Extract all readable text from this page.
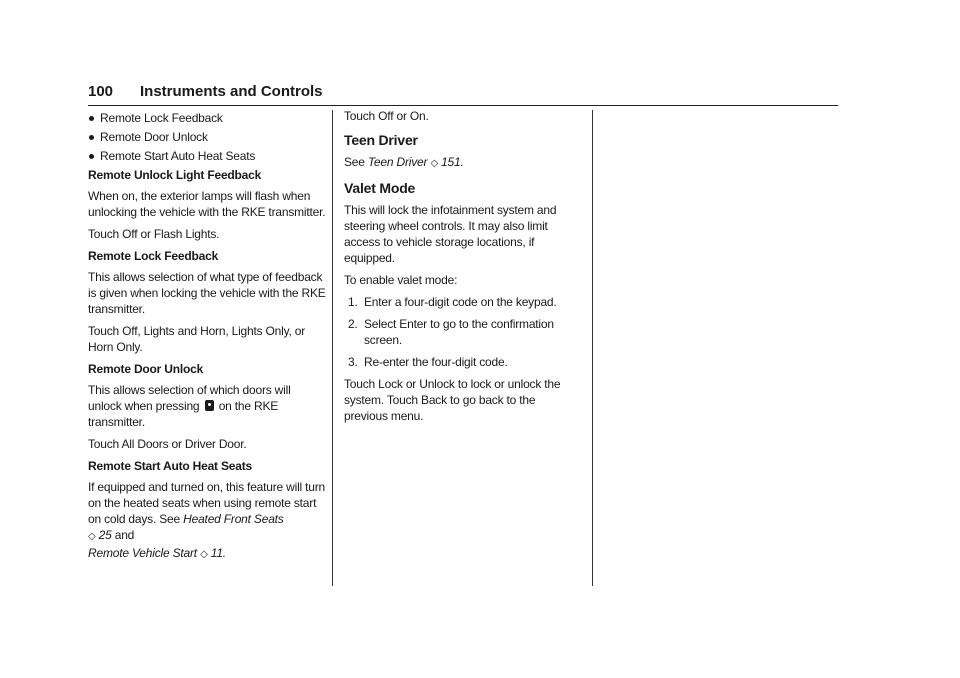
100 Instruments and Controls
Remote Lock Feedback
Remote Door Unlock
Remote Start Auto Heat Seats

Remote Unlock Light Feedback

When on, the exterior lamps will flash when unlocking the vehicle with the RKE transmitter.

Touch Off or Flash Lights.

Remote Lock Feedback

This allows selection of what type of feedback is given when locking the vehicle with the RKE transmitter.

Touch Off, Lights and Horn, Lights Only, or Horn Only.

Remote Door Unlock

This allows selection of which doors will unlock when pressing on the RKE transmitter.

Touch All Doors or Driver Door.

Remote Start Auto Heat Seats

If equipped and turned on, this feature will turn on the heated seats when using remote start on cold days. See Heated Front Seats
◇ 25 and
Remote Vehicle Start ◇ 11.

Touch Off or On.

Teen Driver

See Teen Driver ◇ 151.

Valet Mode

This will lock the infotainment system and steering wheel controls. It may also limit access to vehicle storage locations, if equipped.

To enable valet mode:

1. Enter a four-digit code on the keypad.
2. Select Enter to go to the confirmation screen.
3. Re-enter the four-digit code.

Touch Lock or Unlock to lock or unlock the system. Touch Back to go back to the previous menu.
